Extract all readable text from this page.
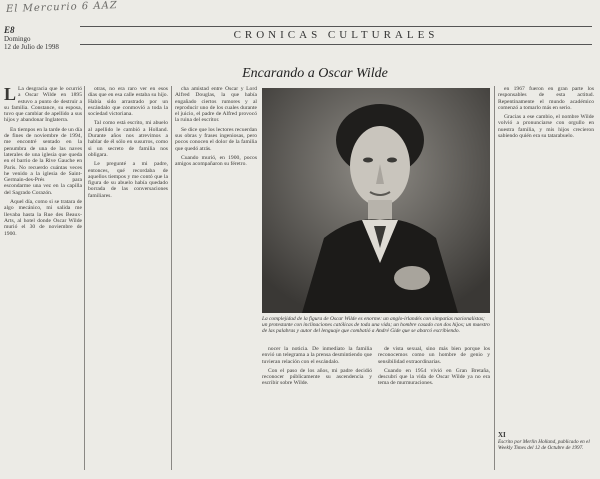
El Mercurio 6 AAZ
E8
Domingo
12 de Julio de 1998
CRONICAS CULTURALES
Encarando a Oscar Wilde

L La desgracia que le ocurrió a Oscar Wilde en 1895 estuvo a punto de destruir a su familia. Constance, su esposa, tuvo que cambiar de apellido a sus hijos y abandonar Inglaterra.

En tiempos en la tarde de un día de fines de noviembre de 1994, me encontré sentado en la penumbra de una de las naves laterales de una iglesia que queda en el barrio de la Rive Gauche en París. No recuerdo cuántas veces he venido a la iglesia de Saint-Germain-des-Prés para escondarme una vez en la capilla del Sagrado Corazón.

Aquel día, como si se tratara de algo mecánico, mi salida me llevaba hasta la Rue des Beaux-Arts, al hotel donde Oscar Wilde murió el 30 de noviembre de 1900.

otras, no era raro ver en esos días que en esa calle estaba su hijo. Había sido arrastrado por un escándalo que conmovió a toda la sociedad victoriana.

Tal como está escrito, mi abuelo al apellido le cambió a Holland. Durante años nos atrevimos a hablar de él sólo en susurros, como si un secreto de familia nos obligara.

Le pregunté a mi padre, entonces, qué recordaba de aquellos tiempos y me contó que la figura de su abuelo había quedado borrada de las conversaciones familiares.

cha amistad entre Oscar y Lord Alfred Douglas, la que había engañado ciertos rumores y al reproducir uno de los cuales durante el juicio, el padre de Alfred provocó la ruina del escritor.

Se dice que los lectores recuerdan sus obras y frases ingeniosas, pero pocos conocen el dolor de la familia que quedó atrás.

Cuando murió, en 1900, pocos amigos acompañaron su féretro.

La complejidad de la figura de Oscar Wilde es enorme: un anglo-irlandés con simpatías nacionalistas; un protestante con inclinaciones católicas de toda una vida; un hombre casado con dos hijos; un maestro de las palabras y autor del lenguaje que combatió a André Gide que se abarcó escribiendo.

nocer la noticia. De inmediato la familia envió un telegrama a la prensa desmintiendo que tuvieran relación con el escándalo.

Con el paso de los años, mi padre decidió reconocer públicamente su ascendencia y escribir sobre Wilde.

de vista sexual, sino más bien porque los reconocemos como un hombre de genio y sensibilidad extraordinarias.

Cuando en 1954 vivió en Gran Bretaña, descubrí que la vida de Oscar Wilde ya no era tema de murmuraciones.

en 1967 fueron en gran parte los responsables de esta actitud. Repentinamente el mundo académico comenzó a tomarlo más en serio.

Gracias a ese cambio, el nombre Wilde volvió a pronunciarse con orgullo en nuestra familia, y mis hijos crecieron sabiendo quién era su tatarabuelo.

XI
Escrito por Merlin Holland, publicado en el Weekly Times del 12 de Octubre de 1997.
